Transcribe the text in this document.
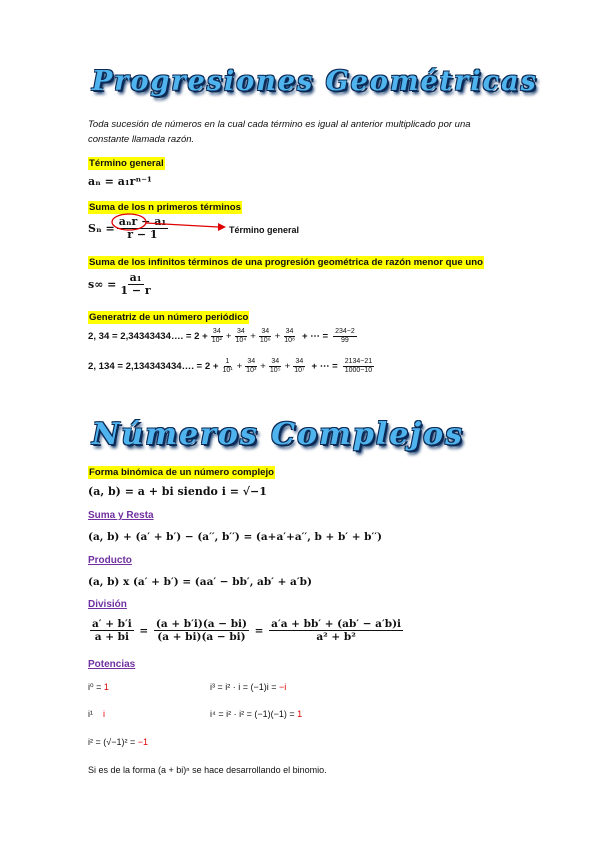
Progresiones Geométricas
Toda sucesión de números en la cual cada término es igual al anterior multiplicado por una constante llamada razón.
Término general
aₙ = a₁rⁿ⁻¹
Suma de los n primeros términos
$S_n = \frac{\text{aₙr − a₁}}{r - 1}$	Término general
Suma de los infinitos términos de una progresión geométrica de razón menor que uno
$s\infty = \frac{\text{a₁}}{1 - r}$
Generatriz de un número periódico
2, 34 = 2,34343434…. = $2 + \frac{34}{\text{10²}} + \frac{34}{\text{10⁴}} + \frac{34}{\text{10⁶}} + \frac{34}{\text{10⁸}}$ + ⋯ = $\frac{234-2}{99}$
2, 134 = 2,134343434…. = $2 + \frac{1}{\text{10¹}} + \frac{34}{\text{10³}} + \frac{34}{\text{10⁵}} + \frac{34}{\text{10⁷}}$ + ⋯ = $\frac{2134-21}{1000-10}$
Números Complejos
Forma binómica de un número complejo
(a, b) = a + bi siendo i = √−1
Suma y Resta
(a, b) + (a′ + b′) − (a′′, b′′) = (a+a′+a′′, b + b′ + b′′)
Producto
(a, b) x (a′ + b′) = (aa′ − bb′, ab′ + a′b)
División
$\frac{a' + b'i}{a + bi} = \frac{(a + b'i)(a - bi)}{(a + bi)(a - bi)} = \frac{a'a + bb' + (ab' - a'b)i}{\text{a² + b²}}$
Potencias
i⁰ = 1
i¹ i
i² = (√−1)² = −1
i³ = i² · i = (−1)i = −i
i⁴ = i² · i² = (−1)(−1) = 1
Si es de la forma (a + bi)ⁿ se hace desarrollando el binomio.
